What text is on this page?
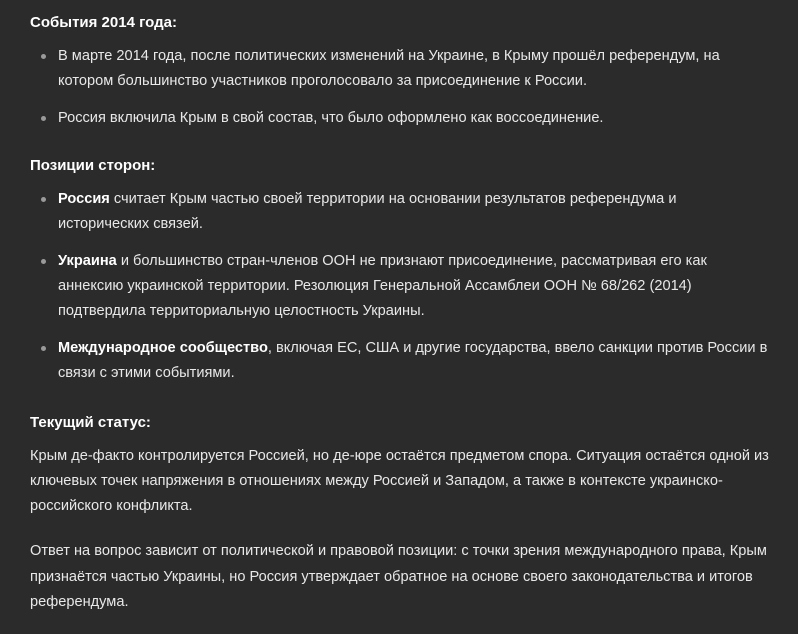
События 2014 года:
В марте 2014 года, после политических изменений на Украине, в Крыму прошёл референдум, на котором большинство участников проголосовало за присоединение к России.
Россия включила Крым в свой состав, что было оформлено как воссоединение.
Позиции сторон:
Россия считает Крым частью своей территории на основании результатов референдума и исторических связей.
Украина и большинство стран-членов ООН не признают присоединение, рассматривая его как аннексию украинской территории. Резолюция Генеральной Ассамблеи ООН № 68/262 (2014) подтвердила территориальную целостность Украины.
Международное сообщество, включая ЕС, США и другие государства, ввело санкции против России в связи с этими событиями.
Текущий статус:

Крым де-факто контролируется Россией, но де-юре остаётся предметом спора. Ситуация остаётся одной из ключевых точек напряжения в отношениях между Россией и Западом, а также в контексте украинско-российского конфликта.

Ответ на вопрос зависит от политической и правовой позиции: с точки зрения международного права, Крым признаётся частью Украины, но Россия утверждает обратное на основе своего законодательства и итогов референдума.
